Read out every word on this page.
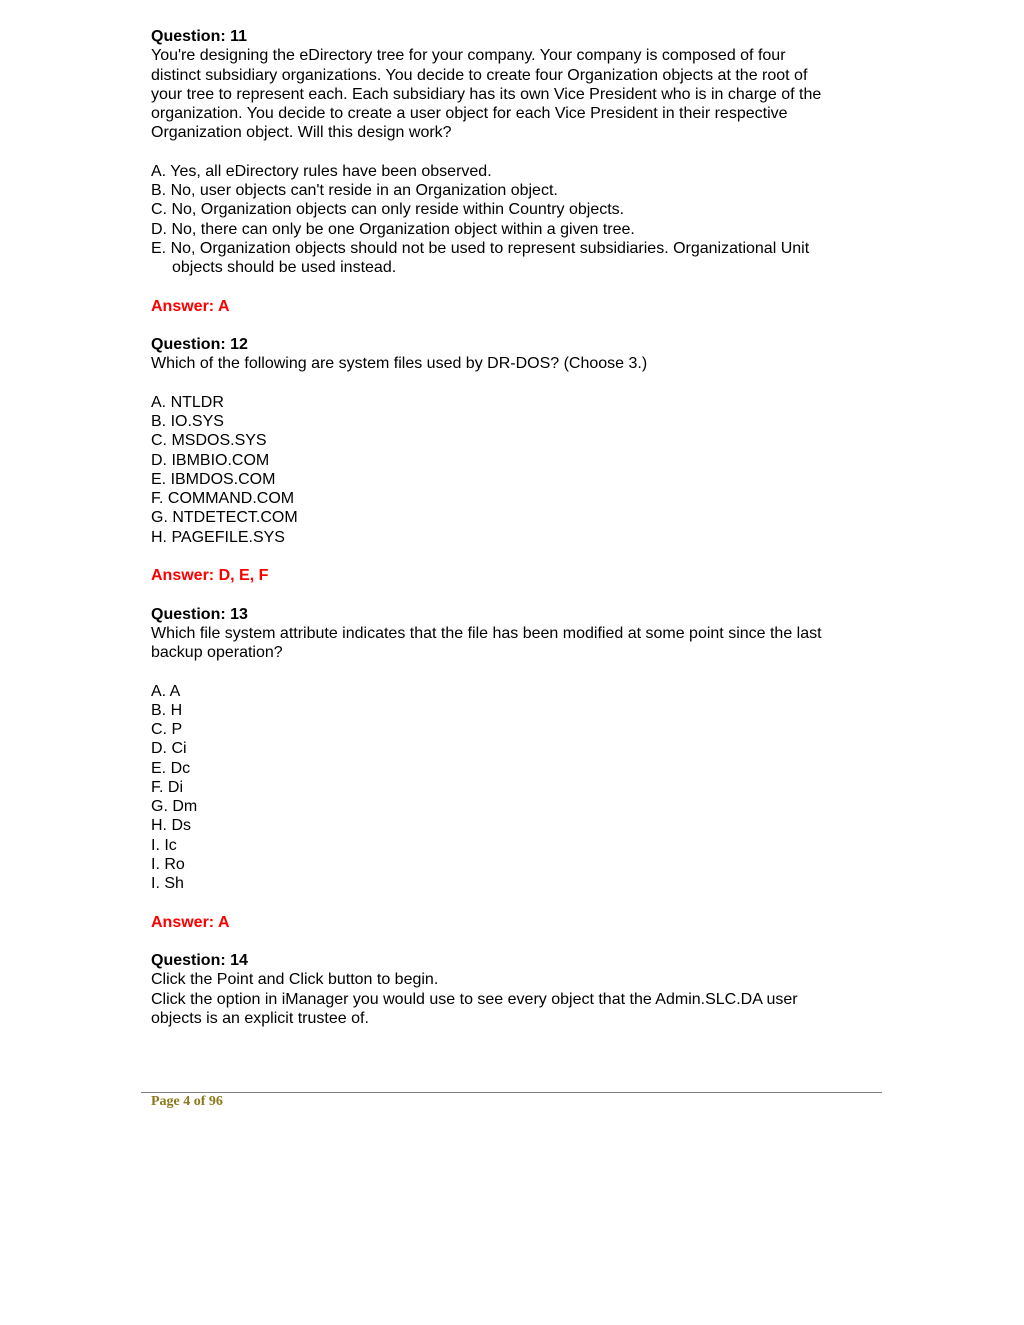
Question: 11
You're designing the eDirectory tree for your company. Your company is composed of four
distinct subsidiary organizations. You decide to create four Organization objects at the root of
your tree to represent each. Each subsidiary has its own Vice President who is in charge of the
organization. You decide to create a user object for each Vice President in their respective
Organization object. Will this design work?
A. Yes, all eDirectory rules have been observed.
B. No, user objects can't reside in an Organization object.
C. No, Organization objects can only reside within Country objects.
D. No, there can only be one Organization object within a given tree.
E. No, Organization objects should not be used to represent subsidiaries. Organizational Unit
objects should be used instead.
Answer: A
Question: 12
Which of the following are system files used by DR-DOS? (Choose 3.)
A. NTLDR
B. IO.SYS
C. MSDOS.SYS
D. IBMBIO.COM
E. IBMDOS.COM
F. COMMAND.COM
G. NTDETECT.COM
H. PAGEFILE.SYS
Answer: D, E, F
Question: 13
Which file system attribute indicates that the file has been modified at some point since the last
backup operation?
A. A
B. H
C. P
D. Ci
E. Dc
F. Di
G. Dm
H. Ds
I. Ic
I. Ro
I. Sh
Answer: A
Question: 14
Click the Point and Click button to begin.
Click the option in iManager you would use to see every object that the Admin.SLC.DA user
objects is an explicit trustee of.
Page 4 of 96
